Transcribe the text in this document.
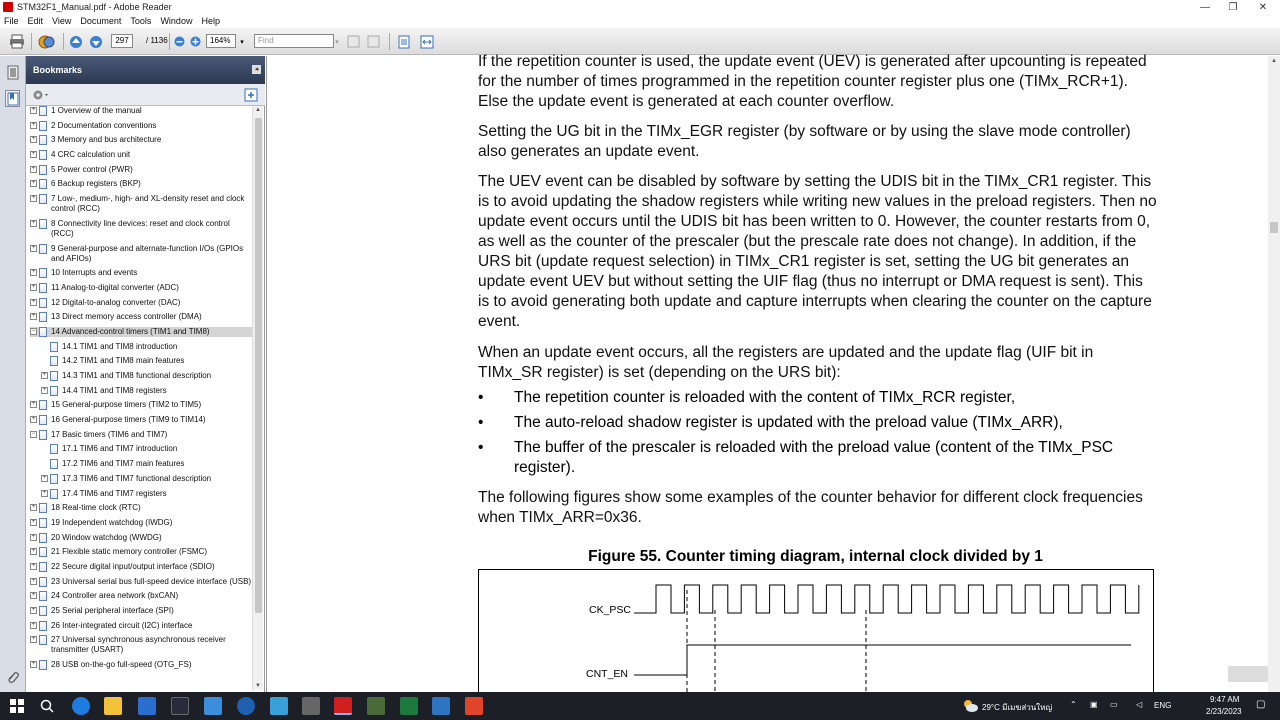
STM32F1_Manual.pdf - Adobe Reader	—	❐	✕
File Edit View Document Tools Window Help
297	/ 1136	164%	▾	Find	▾
Bookmarks	◂
+ 1 Overview of the manual
+ 2 Documentation conventions
+ 3 Memory and bus architecture
+ 4 CRC calculation unit
+ 5 Power control (PWR)
+ 6 Backup registers (BKP)
+ 7 Low-, medium-, high- and XL-density reset and clock control (RCC)
+ 8 Connectivity line devices: reset and clock control (RCC)
+ 9 General-purpose and alternate-function I/Os (GPIOs and AFIOs)
+ 10 Interrupts and events
+ 11 Analog-to-digital converter (ADC)
+ 12 Digital-to-analog converter (DAC)
+ 13 Direct memory access controller (DMA)
− 14 Advanced-control timers (TIM1 and TIM8)
14.1 TIM1 and TIM8 introduction
14.2 TIM1 and TIM8 main features
+ 14.3 TIM1 and TIM8 functional description
+ 14.4 TIM1 and TIM8 registers
+ 15 General-purpose timers (TIM2 to TIM5)
+ 16 General-purpose timers (TIM9 to TIM14)
− 17 Basic timers (TIM6 and TIM7)
17.1 TIM6 and TIM7 introduction
17.2 TIM6 and TIM7 main features
+ 17.3 TIM6 and TIM7 functional description
+ 17.4 TIM6 and TIM7 registers
+ 18 Real-time clock (RTC)
+ 19 Independent watchdog (IWDG)
+ 20 Window watchdog (WWDG)
+ 21 Flexible static memory controller (FSMC)
+ 22 Secure digital input/output interface (SDIO)
+ 23 Universal serial bus full-speed device interface (USB)
+ 24 Controller area network (bxCAN)
+ 25 Serial peripheral interface (SPI)
+ 26 Inter-integrated circuit (I2C) interface
+ 27 Universal synchronous asynchronous receiver transmitter (USART)
+ 28 USB on-the-go full-speed (OTG_FS)
▲
▼
If the repetition counter is used, the update event (UEV) is generated after upcounting is repeated for the number of times programmed in the repetition counter register plus one (TIMx_RCR+1). Else the update event is generated at each counter overflow.
Setting the UG bit in the TIMx_EGR register (by software or by using the slave mode controller) also generates an update event.
The UEV event can be disabled by software by setting the UDIS bit in the TIMx_CR1 register. This is to avoid updating the shadow registers while writing new values in the preload registers. Then no update event occurs until the UDIS bit has been written to 0. However, the counter restarts from 0, as well as the counter of the prescaler (but the prescale rate does not change). In addition, if the URS bit (update request selection) in TIMx_CR1 register is set, setting the UG bit generates an update event UEV but without setting the UIF flag (thus no interrupt or DMA request is sent). This is to avoid generating both update and capture interrupts when clearing the counter on the capture event.
When an update event occurs, all the registers are updated and the update flag (UIF bit in TIMx_SR register) is set (depending on the URS bit):
• The repetition counter is reloaded with the content of TIMx_RCR register,
• The auto-reload shadow register is updated with the preload value (TIMx_ARR),
• The buffer of the prescaler is reloaded with the preload value (content of the TIMx_PSC register).
The following figures show some examples of the counter behavior for different clock frequencies when TIMx_ARR=0x36.
Figure 55. Counter timing diagram, internal clock divided by 1
CK_PSC
CNT_EN
▲
29°C มีเมฆส่วนใหญ่ ⌃ ▣ ▭ ◁ ENG
9:47 AM
2/23/2023
▢
